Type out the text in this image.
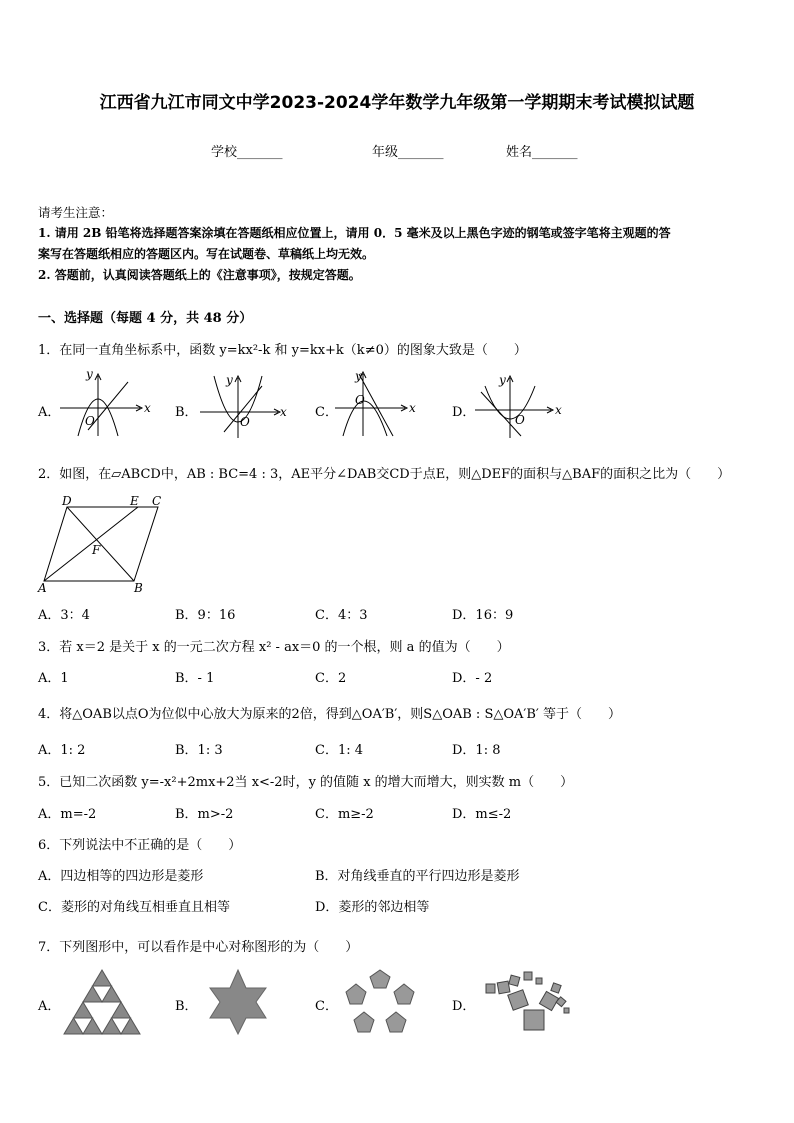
江西省九江市同文中学2023-2024学年数学九年级第一学期期末考试模拟试题
学校_______	年级_______	姓名_______
请考生注意：
1. 请用 2B 铅笔将选择题答案涂填在答题纸相应位置上，请用 0．5 毫米及以上黑色字迹的钢笔或签字笔将主观题的答
案写在答题纸相应的答题区内。写在试题卷、草稿纸上均无效。
2. 答题前，认真阅读答题纸上的《注意事项》，按规定答题。
一、选择题（每题 4 分，共 48 分）
1．在同一直角坐标系中，函数 y=kx²-k 和 y=kx+k（k≠0）的图象大致是（　　）
A．	B．	C．	D．
y
x
O
y
x
O
y
x
O
y
x
O
2．如图，在▱ABCD中，AB : BC=4 : 3，AE平分∠DAB交CD于点E，则△DEF的面积与△BAF的面积之比为（　　）
D	E C
F
A	B
A．3：4	B．9：16	C．4：3	D．16：9
3．若 x＝2 是关于 x 的一元二次方程 x² - ax＝0 的一个根，则 a 的值为（　　）
A．1	B．- 1	C．2	D．- 2
4．将△OAB以点O为位似中心放大为原来的2倍，得到△OA′B′，则S△OAB : S△OA′B′ 等于（　　）
A．1: 2	B．1: 3	C．1: 4	D．1: 8
5．已知二次函数 y=-x²+2mx+2当 x<-2时，y 的值随 x 的增大而增大，则实数 m（　　）
A．m=-2	B．m>-2	C．m≥-2	D．m≤-2
6．下列说法中不正确的是（　　）
A．四边相等的四边形是菱形	B．对角线垂直的平行四边形是菱形
C．菱形的对角线互相垂直且相等	D．菱形的邻边相等
7．下列图形中，可以看作是中心对称图形的为（　　）
A．	B．	C．	D．
